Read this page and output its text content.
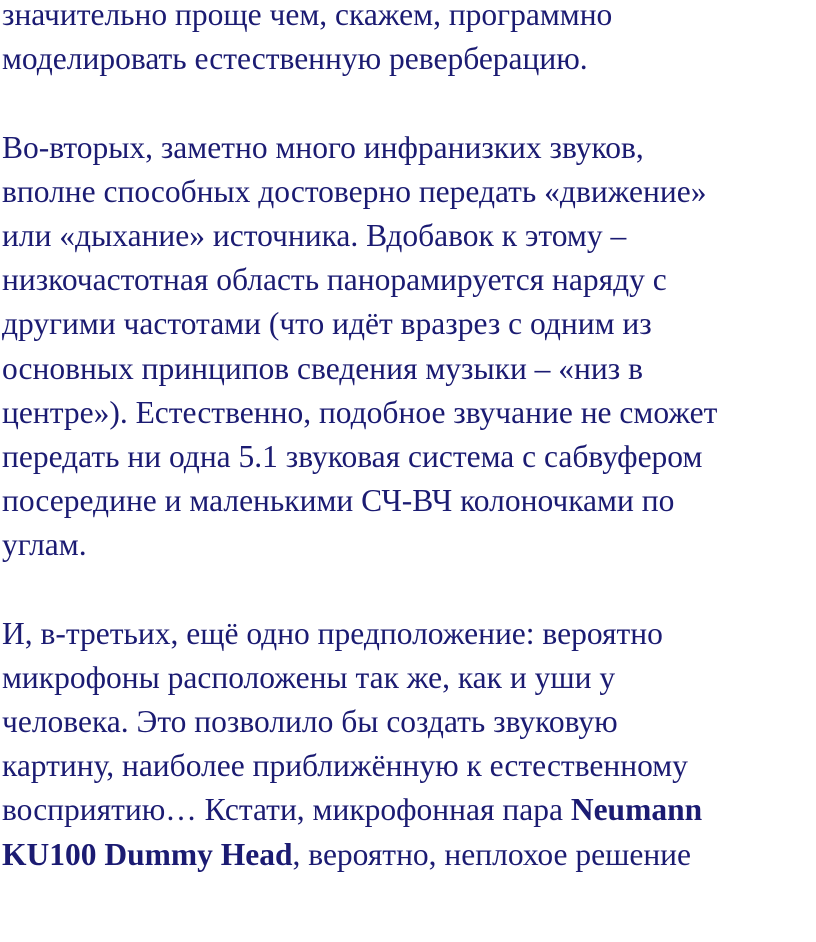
значительно проще чем, скажем, программно
моделировать естественную реверберацию.
Во-вторых, заметно много инфранизких звуков,
вполне способных достоверно передать «движение»
или «дыхание» источника. Вдобавок к этому –
низкочастотная область панорамируется наряду с
другими частотами (что идёт вразрез с одним из
основных принципов сведения музыки – «низ в
центре»). Естественно, подобное звучание не сможет
передать ни одна 5.1 звуковая система с сабвуфером
посередине и маленькими СЧ-ВЧ колоночками по
углам.
И, в-третьих, ещё одно предположение: вероятно
микрофоны расположены так же, как и уши у
человека. Это позволило бы создать звуковую
картину, наиболее приближённую к естественному
восприятию… Кстати, микрофонная пара Neumann
KU100 Dummy Head, вероятно, неплохое решение
